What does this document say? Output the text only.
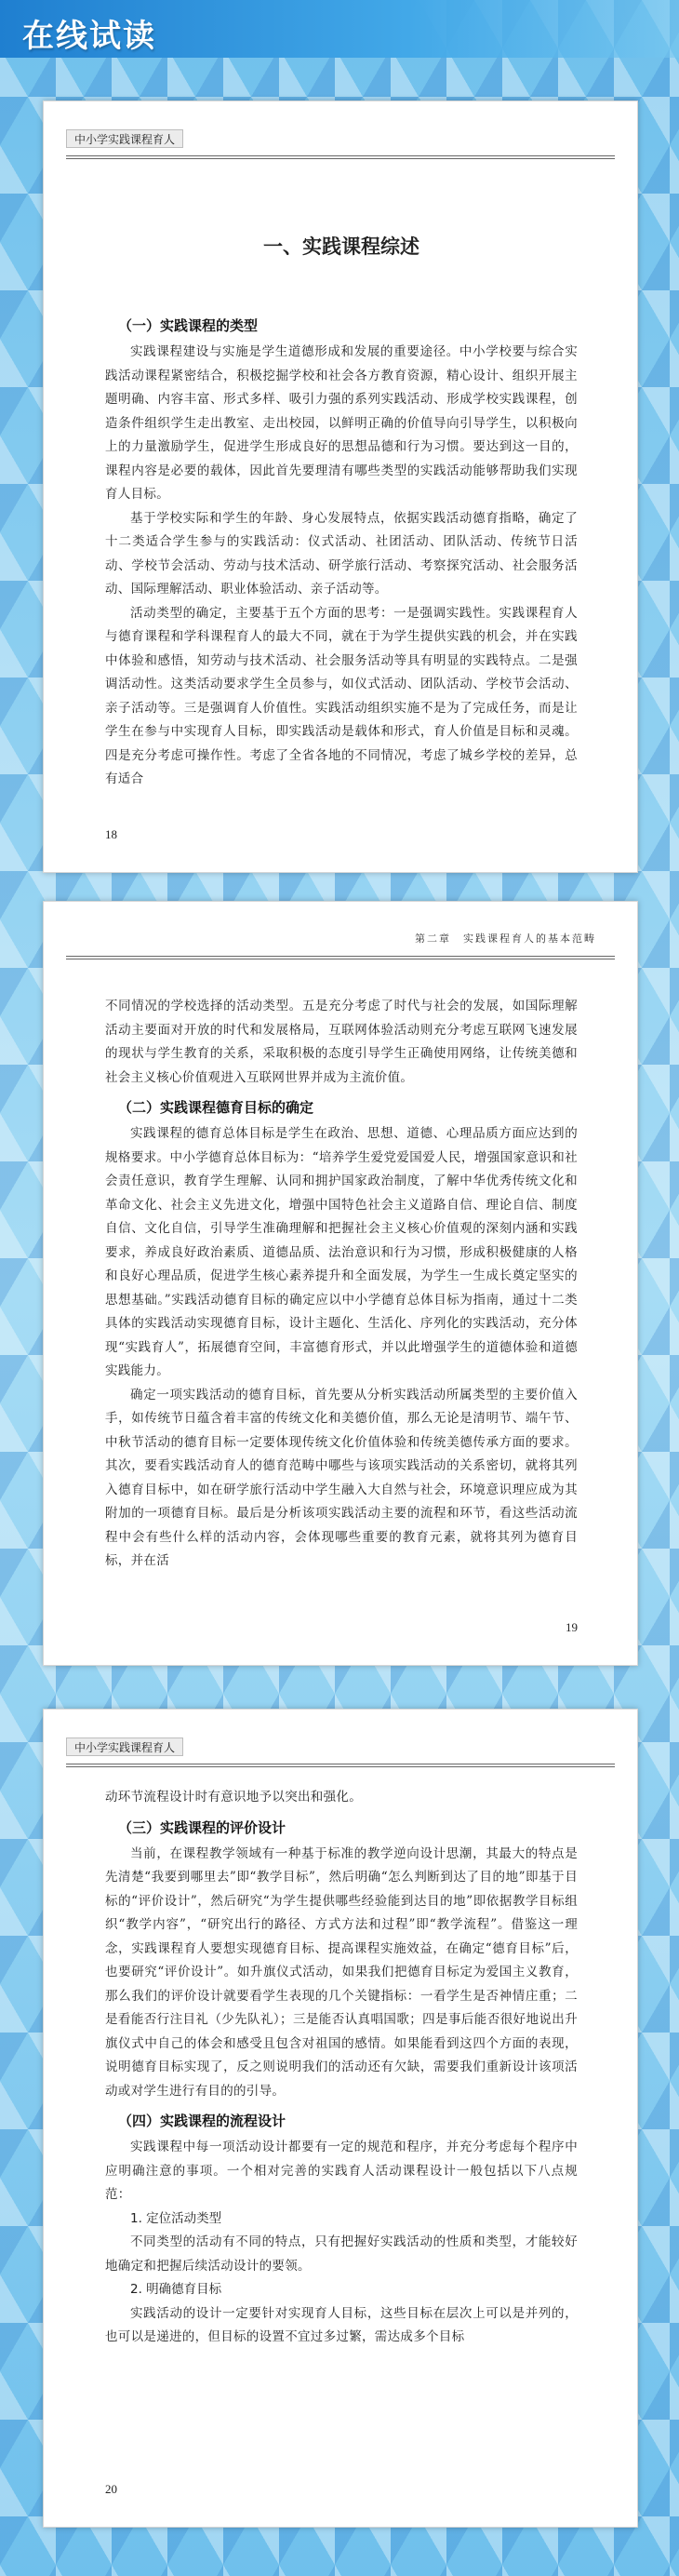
在线试读
中小学实践课程育人
一、实践课程综述
（一）实践课程的类型

实践课程建设与实施是学生道德形成和发展的重要途径。中小学校要与综合实践活动课程紧密结合，积极挖掘学校和社会各方教育资源，精心设计、组织开展主题明确、内容丰富、形式多样、吸引力强的系列实践活动、形成学校实践课程，创造条件组织学生走出教室、走出校园，以鲜明正确的价值导向引导学生，以积极向上的力量激励学生，促进学生形成良好的思想品德和行为习惯。要达到这一目的，课程内容是必要的载体，因此首先要理清有哪些类型的实践活动能够帮助我们实现育人目标。

基于学校实际和学生的年龄、身心发展特点，依据实践活动德育指略，确定了十二类适合学生参与的实践活动：仪式活动、社团活动、团队活动、传统节日活动、学校节会活动、劳动与技术活动、研学旅行活动、考察探究活动、社会服务活动、国际理解活动、职业体验活动、亲子活动等。

活动类型的确定，主要基于五个方面的思考：一是强调实践性。实践课程育人与德育课程和学科课程育人的最大不同，就在于为学生提供实践的机会，并在实践中体验和感悟，知劳动与技术活动、社会服务活动等具有明显的实践特点。二是强调活动性。这类活动要求学生全员参与，如仪式活动、团队活动、学校节会活动、亲子活动等。三是强调育人价值性。实践活动组织实施不是为了完成任务，而是让学生在参与中实现育人目标，即实践活动是载体和形式，育人价值是目标和灵魂。四是充分考虑可操作性。考虑了全省各地的不同情况，考虑了城乡学校的差异，总有适合

18
第二章　实践课程育人的基本范畴

不同情况的学校选择的活动类型。五是充分考虑了时代与社会的发展，如国际理解活动主要面对开放的时代和发展格局，互联网体验活动则充分考虑互联网飞速发展的现状与学生教育的关系，采取积极的态度引导学生正确使用网络，让传统美德和社会主义核心价值观进入互联网世界并成为主流价值。

（二）实践课程德育目标的确定

实践课程的德育总体目标是学生在政治、思想、道德、心理品质方面应达到的规格要求。中小学德育总体目标为：“培养学生爱党爱国爱人民，增强国家意识和社会责任意识，教育学生理解、认同和拥护国家政治制度，了解中华优秀传统文化和革命文化、社会主义先进文化，增强中国特色社会主义道路自信、理论自信、制度自信、文化自信，引导学生准确理解和把握社会主义核心价值观的深刻内涵和实践要求，养成良好政治素质、道德品质、法治意识和行为习惯，形成积极健康的人格和良好心理品质，促进学生核心素养提升和全面发展，为学生一生成长奠定坚实的思想基础。”实践活动德育目标的确定应以中小学德育总体目标为指南，通过十二类具体的实践活动实现德育目标，设计主题化、生活化、序列化的实践活动，充分体现“实践育人”，拓展德育空间，丰富德育形式，并以此增强学生的道德体验和道德实践能力。

确定一项实践活动的德育目标，首先要从分析实践活动所属类型的主要价值入手，如传统节日蕴含着丰富的传统文化和美德价值，那么无论是清明节、端午节、中秋节活动的德育目标一定要体现传统文化价值体验和传统美德传承方面的要求。其次，要看实践活动育人的德育范畴中哪些与该项实践活动的关系密切，就将其列入德育目标中，如在研学旅行活动中学生融入大自然与社会，环境意识理应成为其附加的一项德育目标。最后是分析该项实践活动主要的流程和环节，看这些活动流程中会有些什么样的活动内容，会体现哪些重要的教育元素，就将其列为德育目标，并在活

19
中小学实践课程育人

动环节流程设计时有意识地予以突出和强化。

（三）实践课程的评价设计

当前，在课程教学领域有一种基于标准的教学逆向设计思潮，其最大的特点是先清楚“我要到哪里去”即“教学目标”，然后明确“怎么判断到达了目的地”即基于目标的“评价设计”，然后研究“为学生提供哪些经验能到达目的地”即依据教学目标组织“教学内容”，“研究出行的路径、方式方法和过程”即“教学流程”。借鉴这一理念，实践课程育人要想实现德育目标、提高课程实施效益，在确定“德育目标”后，也要研究“评价设计”。如升旗仪式活动，如果我们把德育目标定为爱国主义教育，那么我们的评价设计就要看学生表现的几个关键指标：一看学生是否神情庄重；二是看能否行注目礼（少先队礼）；三是能否认真唱国歌；四是事后能否很好地说出升旗仪式中自己的体会和感受且包含对祖国的感情。如果能看到这四个方面的表现，说明德育目标实现了，反之则说明我们的活动还有欠缺，需要我们重新设计该项活动或对学生进行有目的的引导。

（四）实践课程的流程设计

实践课程中每一项活动设计都要有一定的规范和程序，并充分考虑每个程序中应明确注意的事项。一个相对完善的实践育人活动课程设计一般包括以下八点规范：

1. 定位活动类型

不同类型的活动有不同的特点，只有把握好实践活动的性质和类型，才能较好地确定和把握后续活动设计的要领。

2. 明确德育目标

实践活动的设计一定要针对实现育人目标，这些目标在层次上可以是并列的，也可以是递进的，但目标的设置不宜过多过繁，需达成多个目标

20
